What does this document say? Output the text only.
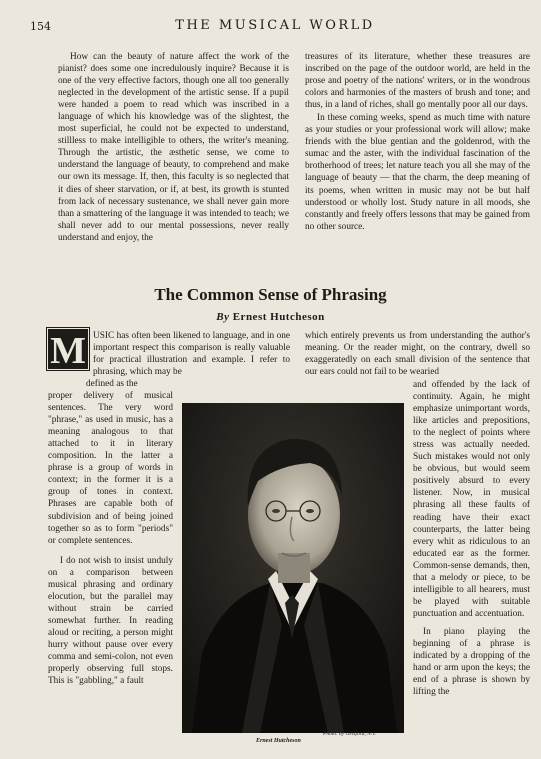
154	THE MUSICAL WORLD

How can the beauty of nature affect the work of the pianist? does some one incredulously inquire? Because it is one of the very effective factors, though one all too generally neglected in the development of the artistic sense. If a pupil were handed a poem to read which was inscribed in a language of which his knowledge was of the slightest, the most superficial, he could not be expected to understand, stillless to make intelligible to others, the writer's meaning. Through the artistic, the æsthetic sense, we come to understand the language of beauty, to comprehend and make our own its message. If, then, this faculty is so neglected that it dies of sheer starvation, or if, at best, its growth is stunted from lack of necessary sustenance, we shall never gain more than a smattering of the language it was intended to teach; we shall never add to our mental possessions, never really understand and enjoy, the

treasures of its literature, whether these treasures are inscribed on the page of the outdoor world, are held in the prose and poetry of the nations' writers, or in the wondrous colors and harmonies of the masters of brush and tone; and thus, in a land of riches, shall go mentally poor all our days.

In these coming weeks, spend as much time with nature as your studies or your professional work will allow; make friends with the blue gentian and the goldenrod, with the sumac and the aster, with the individual fascination of the brotherhood of trees; let nature teach you all she may of the language of beauty — that the charm, the deep meaning of its poems, when written in music may not be but half understood or wholly lost. Study nature in all moods, she constantly and freely offers lessons that may be gained from no other source.

The Common Sense of Phrasing
By Ernest Hutcheson
M USIC has often been likened to language, and in one important respect this comparison is really valuable for practical illustration and example. I refer to phrasing, which may be

defined as the

proper delivery of musical sentences. The very word "phrase," as used in music, has a meaning analogous to that attached to it in literary composition. In the latter a phrase is a group of words in context; in the former it is a group of tones in context. Phrases are capable both of subdivision and of being joined together so as to form "periods" or complete sentences.

I do not wish to insist unduly on a comparison between musical phrasing and ordinary elocution, but the parallel may without strain be carried somewhat further. In reading aloud or reciting, a person might hurry without pause over every comma and semi-colon, not even properly observing full stops. This is "gabbling," a fault

which entirely prevents us from understanding the author's meaning. Or the reader might, on the contrary, dwell so exaggeratedly on each small division of the sentence that our ears could not fail to be wearied

and offended by the lack of continuity. Again, he might emphasize unimportant words, like articles and prepositions, to the neglect of points where stress was actually needed. Such mistakes would not only be obvious, but would seem positively absurd to every listener. Now, in musical phrasing all these faults of reading have their exact counterparts, the latter being every whit as ridiculous to an educated ear as the former. Common-sense demands, then, that a melody or piece, to be intelligible to all hearers, must be played with suitable punctuation and accentuation.

In piano playing the beginning of a phrase is indicated by a dropping of the hand or arm upon the keys; the end of a phrase is shown by lifting the

Ernest Hutcheson
Photo. by Geisford, N.Y.
